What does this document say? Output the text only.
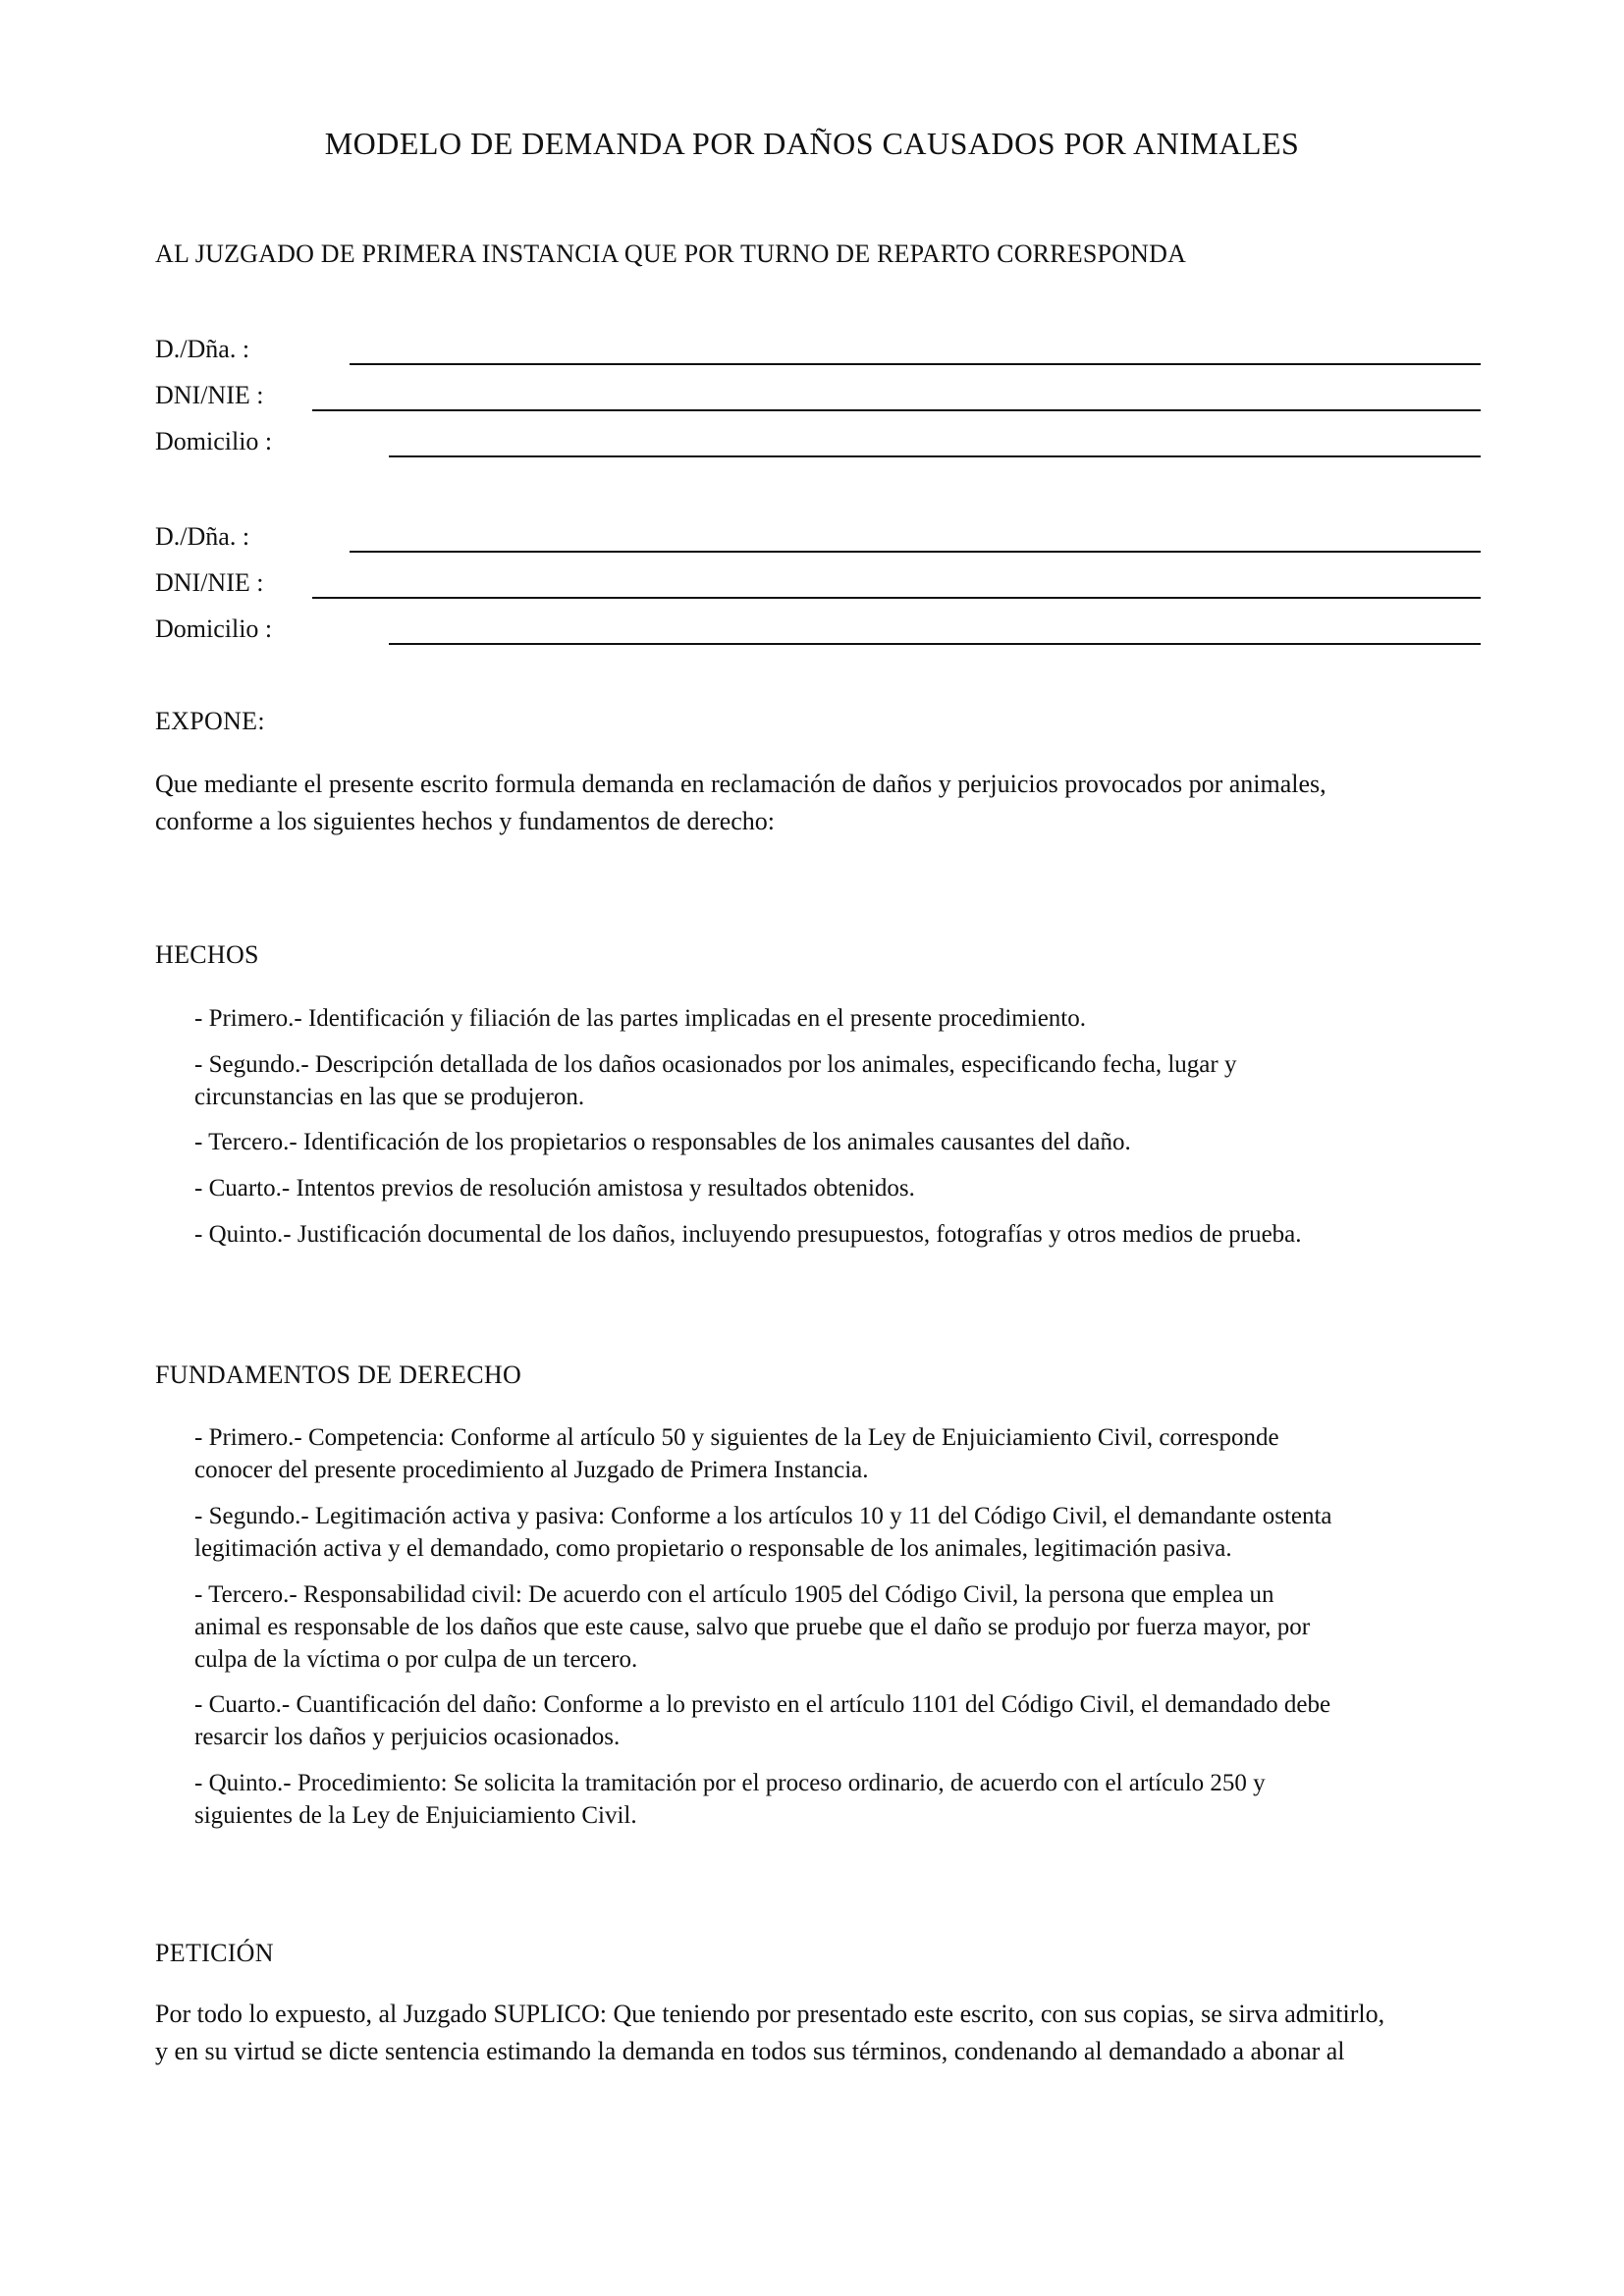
MODELO DE DEMANDA POR DAÑOS CAUSADOS POR ANIMALES
AL JUZGADO DE PRIMERA INSTANCIA QUE POR TURNO DE REPARTO CORRESPONDA
D./Dña. :
DNI/NIE :
Domicilio :
D./Dña. :
DNI/NIE :
Domicilio :
EXPONE:
Que mediante el presente escrito formula demanda en reclamación de daños y perjuicios provocados por animales,
conforme a los siguientes hechos y fundamentos de derecho:
HECHOS
- Primero.- Identificación y filiación de las partes implicadas en el presente procedimiento.
- Segundo.- Descripción detallada de los daños ocasionados por los animales, especificando fecha, lugar y
circunstancias en las que se produjeron.
- Tercero.- Identificación de los propietarios o responsables de los animales causantes del daño.
- Cuarto.- Intentos previos de resolución amistosa y resultados obtenidos.
- Quinto.- Justificación documental de los daños, incluyendo presupuestos, fotografías y otros medios de prueba.
FUNDAMENTOS DE DERECHO
- Primero.- Competencia: Conforme al artículo 50 y siguientes de la Ley de Enjuiciamiento Civil, corresponde
conocer del presente procedimiento al Juzgado de Primera Instancia.
- Segundo.- Legitimación activa y pasiva: Conforme a los artículos 10 y 11 del Código Civil, el demandante ostenta
legitimación activa y el demandado, como propietario o responsable de los animales, legitimación pasiva.
- Tercero.- Responsabilidad civil: De acuerdo con el artículo 1905 del Código Civil, la persona que emplea un
animal es responsable de los daños que este cause, salvo que pruebe que el daño se produjo por fuerza mayor, por
culpa de la víctima o por culpa de un tercero.
- Cuarto.- Cuantificación del daño: Conforme a lo previsto en el artículo 1101 del Código Civil, el demandado debe
resarcir los daños y perjuicios ocasionados.
- Quinto.- Procedimiento: Se solicita la tramitación por el proceso ordinario, de acuerdo con el artículo 250 y
siguientes de la Ley de Enjuiciamiento Civil.
PETICIÓN
Por todo lo expuesto, al Juzgado SUPLICO: Que teniendo por presentado este escrito, con sus copias, se sirva admitirlo,
y en su virtud se dicte sentencia estimando la demanda en todos sus términos, condenando al demandado a abonar al
